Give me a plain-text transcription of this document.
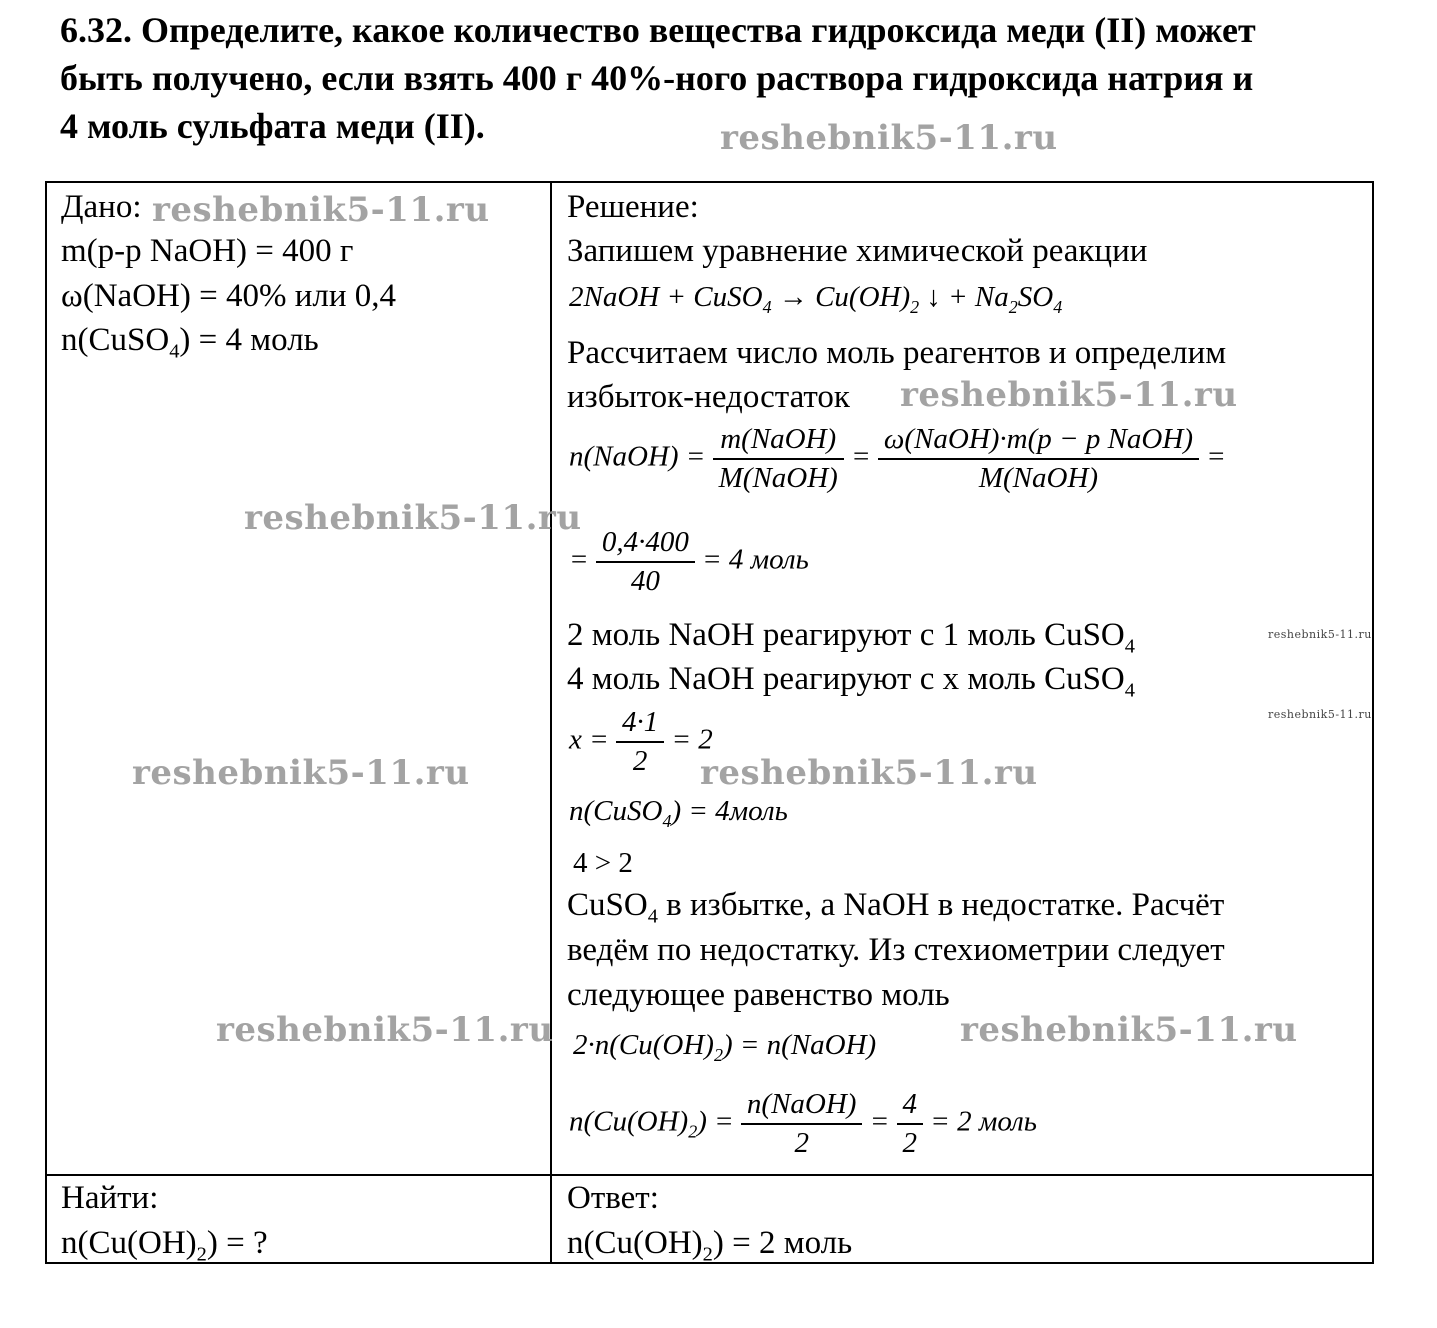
6.32. Определите, какое количество вещества гидроксида меди (II) может
быть получено, если взять 400 г 40%-ного раствора гидроксида натрия и
4 моль сульфата меди (II).
Дано:
m(р-р NaOH) = 400 г
ω(NaOH) = 40% или 0,4
n(CuSO$_4$) = 4 моль
Найти:
$n(Cu(OH)_2)$ = ?
Решение:
Запишем уравнение химической реакции
2NaOH + CuSO$_4$ → $Cu(OH)_2$ ↓ + $Na_2SO_4$
Рассчитаем число моль реагентов и определим
избыток-недостаток
n(NaOH) = $\frac{\text{m(NaOH)}}{\text{M(NaOH)}} = \frac{\text{ω(NaOH)·m(p − p NaOH)}}{\text{M(NaOH)}}$ =
= $\frac{0,4\cdot 400}{40} = 4$ моль
2 моль NaOH реагируют с 1 моль CuSO$_4$
4 моль NaOH реагируют с х моль CuSO$_4$
$x = \frac{4\cdot 1}{2} = 2$
n(CuSO$_4$) = 4моль
4 > 2
CuSO$_4$ в избытке, а NaOH в недостатке. Расчёт
ведём по недостатку. Из стехиометрии следует
следующее равенство моль
$2\cdot n(Cu(OH)_2)$ = n(NaOH)
$n(Cu(OH)_2) = \frac{\text{n(NaOH)}}{2} = \frac{4}{2} = 2$ моль
Ответ:
$n(Cu(OH)_2) = 2$ моль
reshebnik5-11.ru
reshebnik5-11.ru
reshebnik5-11.ru
reshebnik5-11.ru
reshebnik5-11.ru	reshebnik5-11.ru
reshebnik5-11.ru	reshebnik5-11.ru
reshebnik5-11.ru
reshebnik5-11.ru
